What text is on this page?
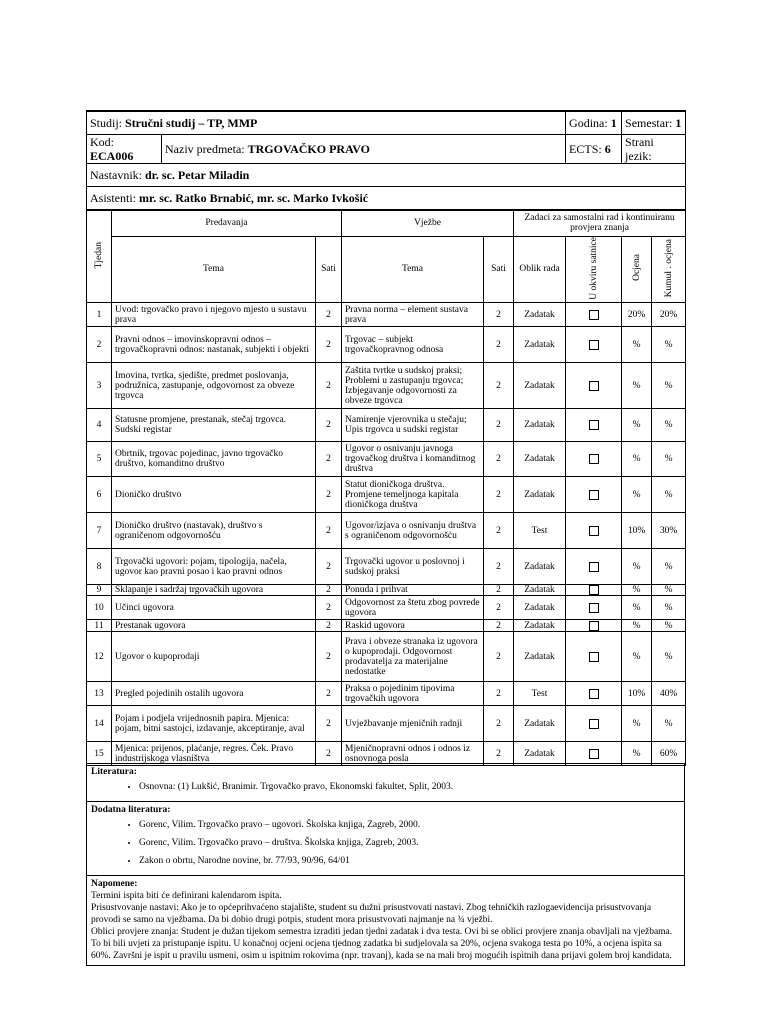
Studij: Stručni studij – TP, MMP							Godina: 1	Semestar: 1	
Kod: ECA006		Naziv predmeta: TRGOVAČKO PRAVO					ECTS: 6	Strani jezik:	
Nastavnik: dr. sc. Petar Miladin									
Asistenti: mr. sc. Ratko Brnabić, mr. sc. Marko Ivkošić									
Tjedan	Predavanja			Vježbe		Zadaci za samostalni rad i kontinuiranu provjera znanja			
	Tema		Sati	Tema	Sati	Oblik rada	U okviru satnice	Ocjena	Kumul . ocjena
1	Uvod: trgovačko pravo i njegovo mjesto u sustavu prava		2	Pravna norma – element sustava prava	2	Zadatak		20%	20%
2	Pravni odnos – imovinskopravni odnos – trgovačkopravni odnos: nastanak, subjekti i objekti		2	Trgovac – subjekt trgovačkopravnog odnosa	2	Zadatak		%	%
3	Imovina, tvrtka, sjedište, predmet poslovanja, podružnica, zastupanje, odgovornost za obveze trgovca		2	Zaštita tvrtke u sudskoj praksi; Problemi u zastupanju trgovca; Izbjegavanje odgovornosti za obveze trgovca	2	Zadatak		%	%
4	Statusne promjene, prestanak, stečaj trgovca. Sudski registar		2	Namirenje vjerovnika u stečaju; Upis trgovca u sudski registar	2	Zadatak		%	%
5	Obrtnik, trgovac pojedinac, javno trgovačko društvo, komanditno društvo		2	Ugovor o osnivanju javnoga trgovačkog društva i komanditnog društva	2	Zadatak		%	%
6	Dioničko društvo		2	Statut dioničkoga društva. Promjene temeljnoga kapitala dioničkoga društva	2	Zadatak		%	%
7	Dioničko društvo (nastavak), društvo s ograničenom odgovornošću		2	Ugovor/izjava o osnivanju društva s ograničenom odgovornošću	2	Test		10%	30%
8	Trgovački ugovori: pojam, tipologija, načela, ugovor kao pravni posao i kao pravni odnos		2	Trgovački ugovor u poslovnoj i sudskoj praksi	2	Zadatak		%	%
9	Sklapanje i sadržaj trgovačkih ugovora		2	Ponuda i prihvat	2	Zadatak		%	%
10	Učinci ugovora		2	Odgovornost za štetu zbog povrede ugovora	2	Zadatak		%	%
11	Prestanak ugovora		2	Raskid ugovora	2	Zadatak		%	%
12	Ugovor o kupoprodaji		2	Prava i obveze stranaka iz ugovora o kupoprodaji. Odgovornost prodavatelja za materijalne nedostatke	2	Zadatak		%	%
13	Pregled pojedinih ostalih ugovora		2	Praksa o pojedinim tipovima trgovačkih ugovora	2	Test		10%	40%
14	Pojam i podjela vrijednosnih papira. Mjenica: pojam, bitni sastojci, izdavanje, akceptiranje, aval		2	Uvježbavanje mjeničnih radnji	2	Zadatak		%	%
15	Mjenica: prijenos, plaćanje, regres. Ček. Pravo industrijskoga vlasništva		2	Mjeničnopravni odnos i odnos iz osnovnoga posla	2	Zadatak		%	60%
Literatura:
• Osnovna: (1) Lukšić, Branimir. Trgovačko pravo, Ekonomski fakultet, Split, 2003.

Dodatna literatura:
• Gorenc, Vilim. Trgovačko pravo – ugovori. Školska knjiga, Zagreb, 2000.
• Gorenc, Vilim. Trgovačko pravo – društva. Školska knjiga, Zagreb, 2003.
• Zakon o obrtu, Narodne novine, br. 77/93, 90/96, 64/01

Napomene:
Termini ispita biti će definirani kalendarom ispita.
Prisustvovanje nastavi: Ako je to općeprihvaćeno stajalište, student su dužni prisustvovati nastavi. Zbog tehničkih razlogaevidencija prisustvovanja provodi se samo na vježbama. Da bi dobio drugi potpis, student mora prisustvovati najmanje na ¾ vježbi.
Oblici provjere znanja: Student je dužan tijekom semestra izraditi jedan tjedni zadatak i dva testa. Ovi bi se oblici provjere znanja obavljali na vježbama. To bi bili uvjeti za pristupanje ispitu. U konačnoj ocjeni ocjena tjednog zadatka bi sudjelovala sa 20%, ocjena svakoga testa po 10%, a ocjena ispita sa 60%. Završni je ispit u pravilu usmeni, osim u ispitnim rokovima (npr. travanj), kada se na mali broj mogućih ispitnih dana prijavi golem broj kandidata.
